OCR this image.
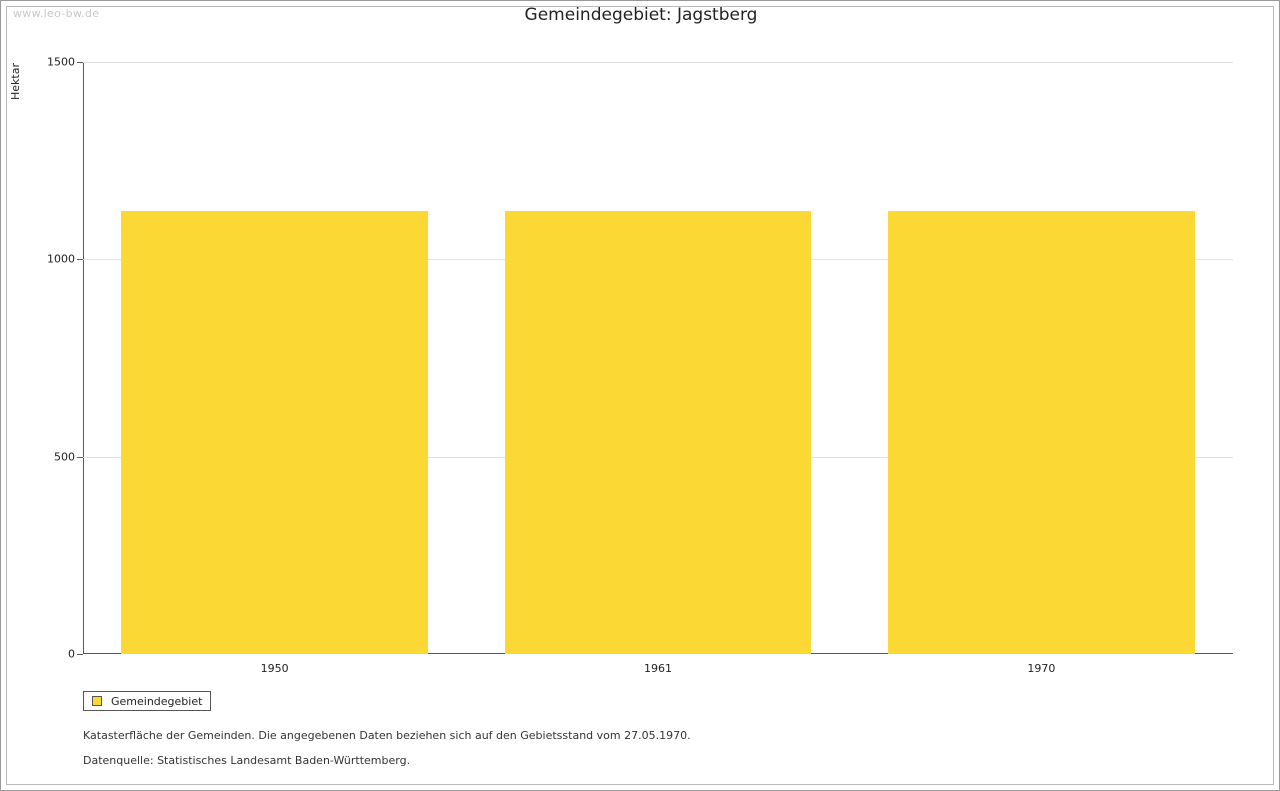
www.leo-bw.de	Gemeindegebiet: Jagstberg
Hektar
0
500
1000
1500
1950	1961	1970
Gemeindegebiet
Katasterfläche der Gemeinden. Die angegebenen Daten beziehen sich auf den Gebietsstand vom 27.05.1970.
Datenquelle: Statistisches Landesamt Baden-Württemberg.
